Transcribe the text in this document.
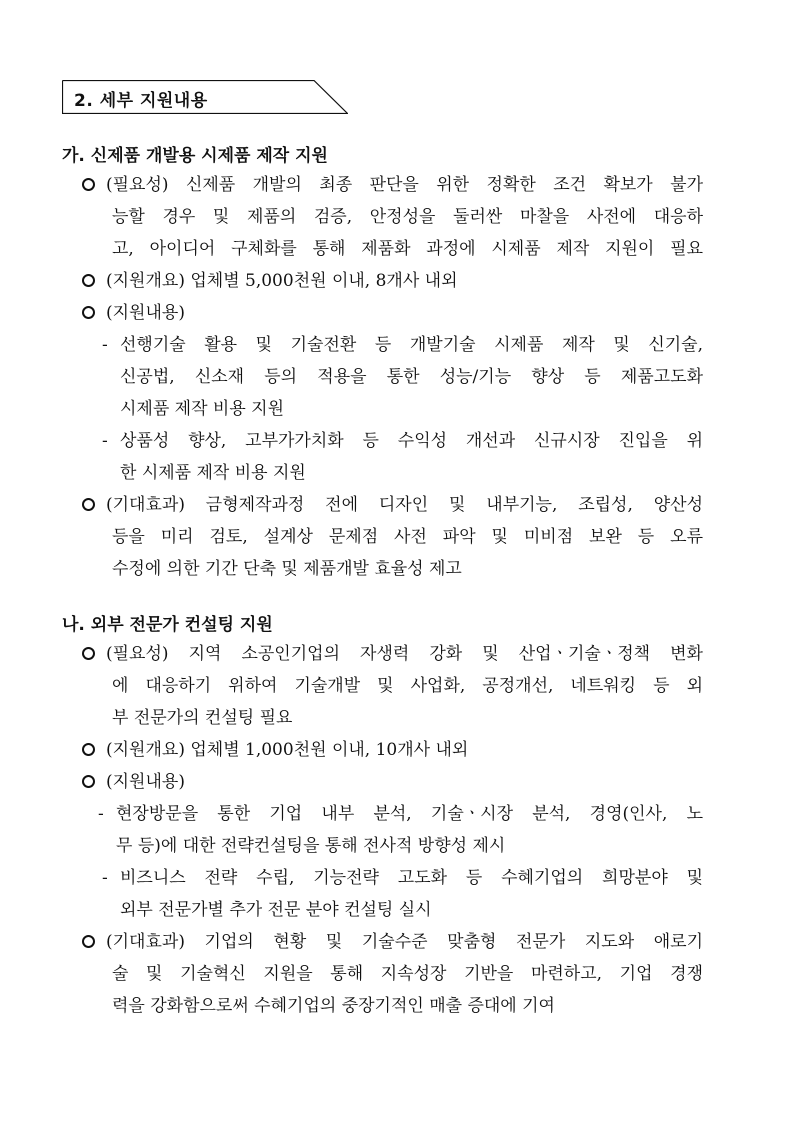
2. 세부 지원내용
가. 신제품 개발용 시제품 제작 지원
(필요성) 신제품 개발의 최종 판단을 위한 정확한 조건 확보가 불가
능할 경우 및 제품의 검증, 안정성을 둘러싼 마찰을 사전에 대응하
고, 아이디어 구체화를 통해 제품화 과정에 시제품 제작 지원이 필요
(지원개요) 업체별 5,000천원 이내, 8개사 내외
(지원내용)
- 선행기술 활용 및 기술전환 등 개발기술 시제품 제작 및 신기술,
신공법, 신소재 등의 적용을 통한 성능/기능 향상 등 제품고도화
시제품 제작 비용 지원
- 상품성 향상, 고부가가치화 등 수익성 개선과 신규시장 진입을 위
한 시제품 제작 비용 지원
(기대효과) 금형제작과정 전에 디자인 및 내부기능, 조립성, 양산성
등을 미리 검토, 설계상 문제점 사전 파악 및 미비점 보완 등 오류
수정에 의한 기간 단축 및 제품개발 효율성 제고
나. 외부 전문가 컨설팅 지원
(필요성) 지역 소공인기업의 자생력 강화 및 산업ㆍ기술ㆍ정책 변화
에 대응하기 위하여 기술개발 및 사업화, 공정개선, 네트워킹 등 외
부 전문가의 컨설팅 필요
(지원개요) 업체별 1,000천원 이내, 10개사 내외
(지원내용)
- 현장방문을 통한 기업 내부 분석, 기술ㆍ시장 분석, 경영(인사, 노
무 등)에 대한 전략컨설팅을 통해 전사적 방향성 제시
- 비즈니스 전략 수립, 기능전략 고도화 등 수혜기업의 희망분야 및
외부 전문가별 추가 전문 분야 컨설팅 실시
(기대효과) 기업의 현황 및 기술수준 맞춤형 전문가 지도와 애로기
술 및 기술혁신 지원을 통해 지속성장 기반을 마련하고, 기업 경쟁
력을 강화함으로써 수혜기업의 중장기적인 매출 증대에 기여
